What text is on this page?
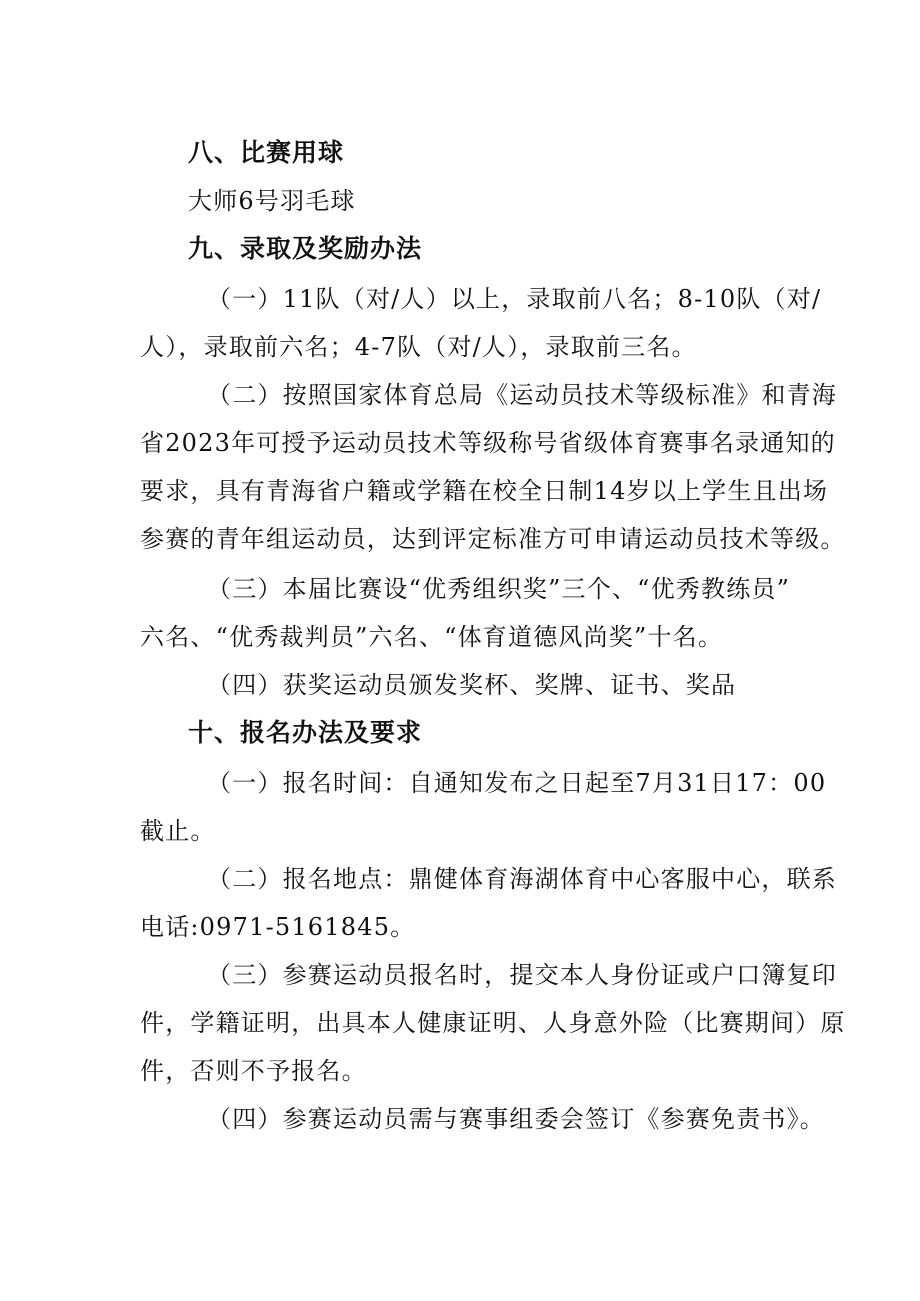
八、比赛用球
大师6号羽毛球
九、录取及奖励办法
（一）11队（对/人）以上，录取前八名；8-10队（对/
人），录取前六名；4-7队（对/人），录取前三名。
（二）按照国家体育总局《运动员技术等级标准》和青海
省2023年可授予运动员技术等级称号省级体育赛事名录通知的
要求，具有青海省户籍或学籍在校全日制14岁以上学生且出场
参赛的青年组运动员，达到评定标准方可申请运动员技术等级。
（三）本届比赛设“优秀组织奖”三个、“优秀教练员”
六名、“优秀裁判员”六名、“体育道德风尚奖”十名。
（四）获奖运动员颁发奖杯、奖牌、证书、奖品
十、报名办法及要求
（一）报名时间：自通知发布之日起至7月31日17：00
截止。
（二）报名地点：鼎健体育海湖体育中心客服中心，联系
电话:0971-5161845。
（三）参赛运动员报名时，提交本人身份证或户口簿复印
件，学籍证明，出具本人健康证明、人身意外险（比赛期间）原
件，否则不予报名。
（四）参赛运动员需与赛事组委会签订《参赛免责书》。
